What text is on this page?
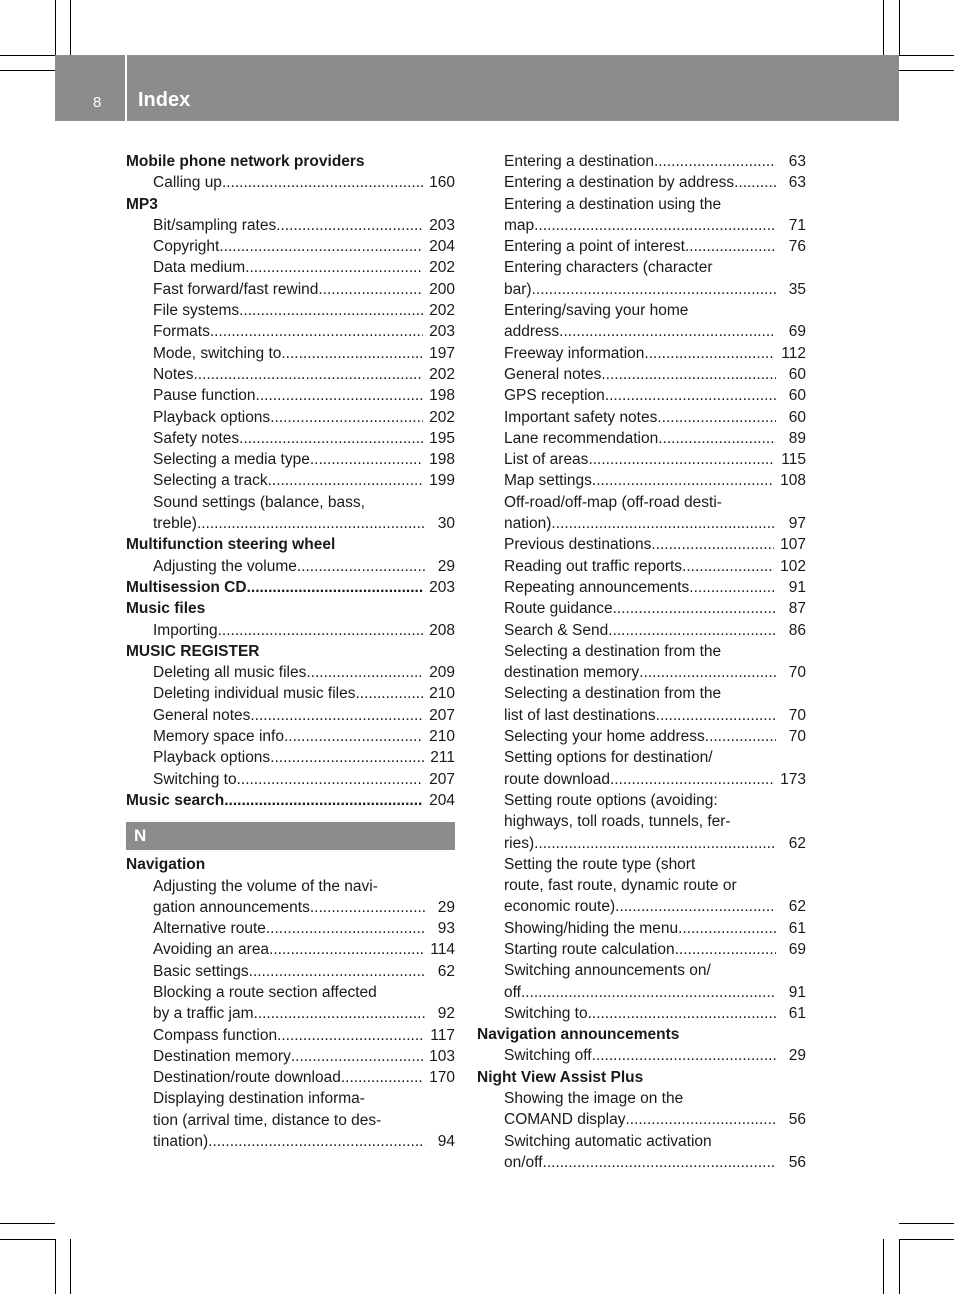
8 Index
Mobile phone network providers
Calling up .....	160
MP3
Bit/sampling rates .....	203
Copyright .....	204
Data medium .....	202
Fast forward/fast rewind .....	200
File systems .....	202
Formats .....	203
Mode, switching to .....	197
Notes .....	202
Pause function .....	198
Playback options .....	202
Safety notes .....	195
Selecting a media type .....	198
Selecting a track .....	199
Sound settings (balance, bass,
treble) .....	30
Multifunction steering wheel
Adjusting the volume .....	29
Multisession CD .....	203
Music files
Importing .....	208
MUSIC REGISTER
Deleting all music files .....	209
Deleting individual music files .....	210
General notes .....	207
Memory space info .....	210
Playback options .....	211
Switching to .....	207
Music search .....	204
N
Navigation
Adjusting the volume of the navi-
gation announcements .....	29
Alternative route .....	93
Avoiding an area .....	114
Basic settings .....	62
Blocking a route section affected
by a traffic jam .....	92
Compass function .....	117
Destination memory .....	103
Destination/route download .....	170
Displaying destination informa-
tion (arrival time, distance to des-
tination) .....	94
Entering a destination .....	63
Entering a destination by address .....	63
Entering a destination using the
map .....	71
Entering a point of interest .....	76
Entering characters (character
bar) .....	35
Entering/saving your home
address .....	69
Freeway information .....	112
General notes .....	60
GPS reception .....	60
Important safety notes .....	60
Lane recommendation .....	89
List of areas .....	115
Map settings .....	108
Off-road/off-map (off-road desti-
nation) .....	97
Previous destinations .....	107
Reading out traffic reports .....	102
Repeating announcements .....	91
Route guidance .....	87
Search & Send .....	86
Selecting a destination from the
destination memory .....	70
Selecting a destination from the
list of last destinations .....	70
Selecting your home address .....	70
Setting options for destination/
route download .....	173
Setting route options (avoiding:
highways, toll roads, tunnels, fer-
ries) .....	62
Setting the route type (short
route, fast route, dynamic route or
economic route) .....	62
Showing/hiding the menu .....	61
Starting route calculation .....	69
Switching announcements on/
off .....	91
Switching to .....	61
Navigation announcements
Switching off .....	29
Night View Assist Plus
Showing the image on the
COMAND display .....	56
Switching automatic activation
on/off .....	56
